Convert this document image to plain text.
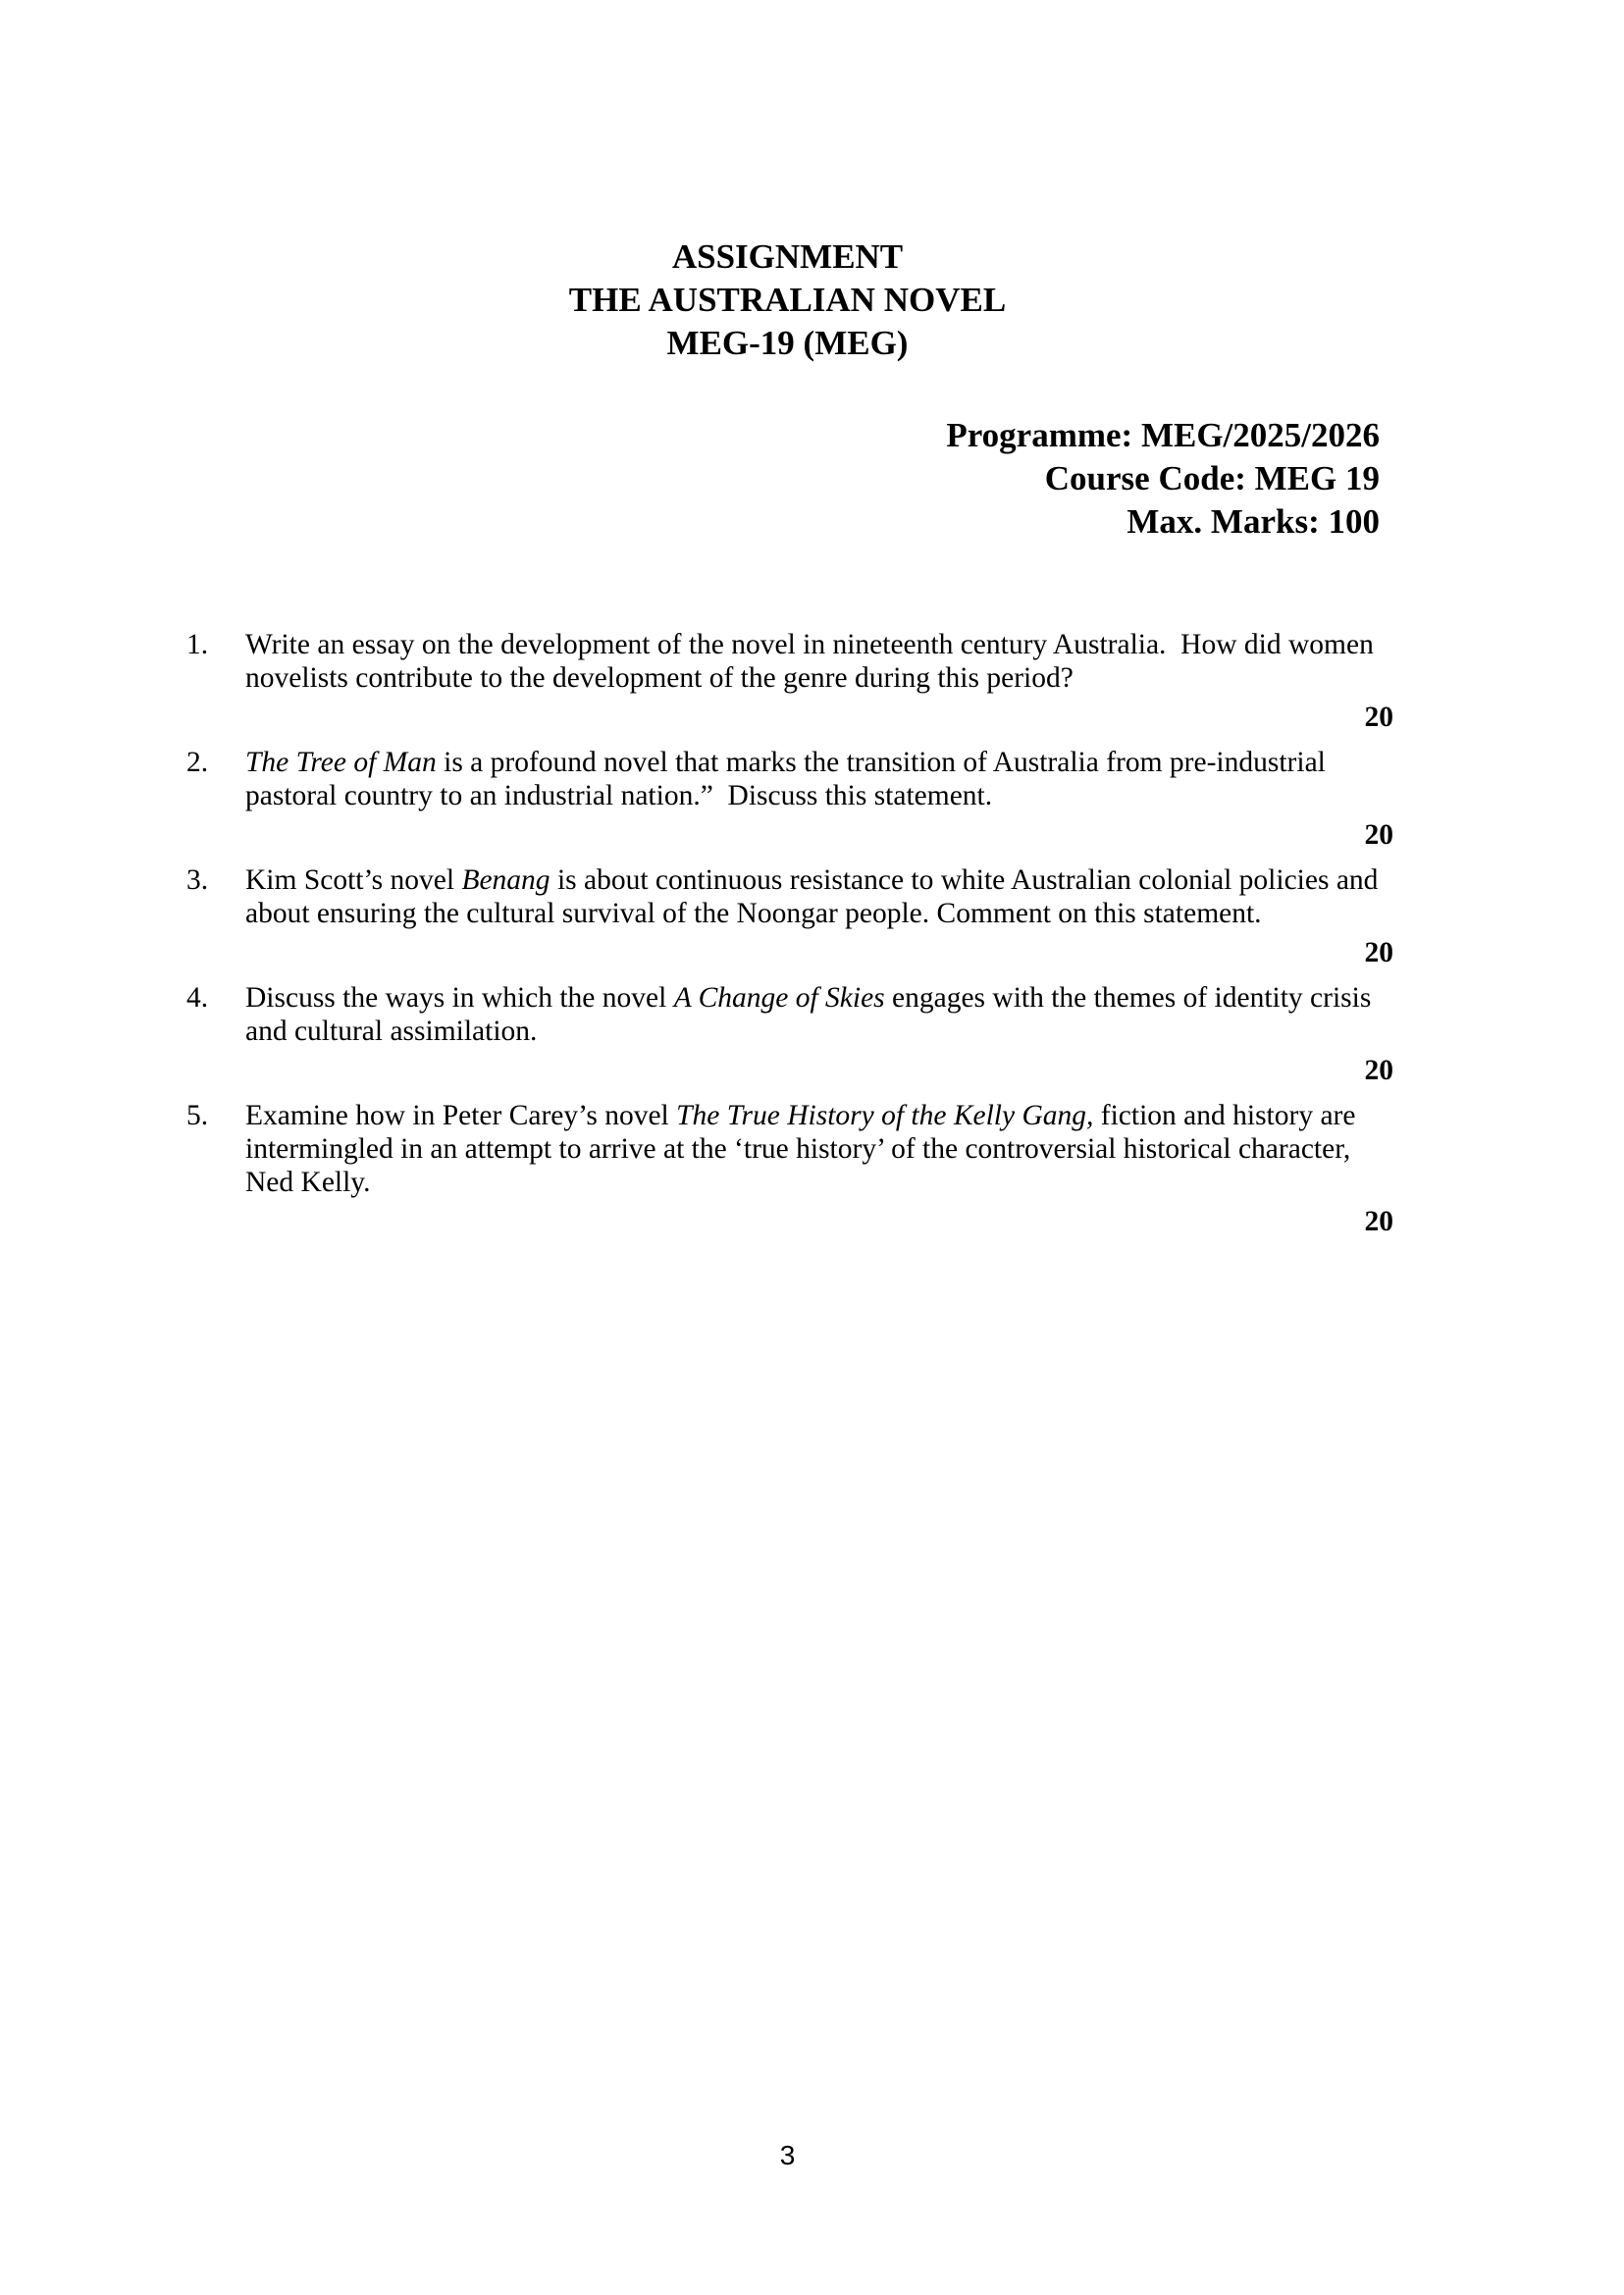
ASSIGNMENT
THE AUSTRALIAN NOVEL
MEG-19 (MEG)
Programme: MEG/2025/2026
Course Code: MEG 19
Max. Marks: 100
1.	Write an essay on the development of the novel in nineteenth century Australia.  How did women novelists contribute to the development of the genre during this period?
20
2.	The Tree of Man is a profound novel that marks the transition of Australia from pre-industrial pastoral country to an industrial nation.”  Discuss this statement.
20
3.	Kim Scott’s novel Benang is about continuous resistance to white Australian colonial policies and about ensuring the cultural survival of the Noongar people. Comment on this statement.
20
4.	Discuss the ways in which the novel A Change of Skies engages with the themes of identity crisis and cultural assimilation.
20
5.	Examine how in Peter Carey’s novel The True History of the Kelly Gang, fiction and history are intermingled in an attempt to arrive at the ‘true history’ of the controversial historical character, Ned Kelly.
20
3
